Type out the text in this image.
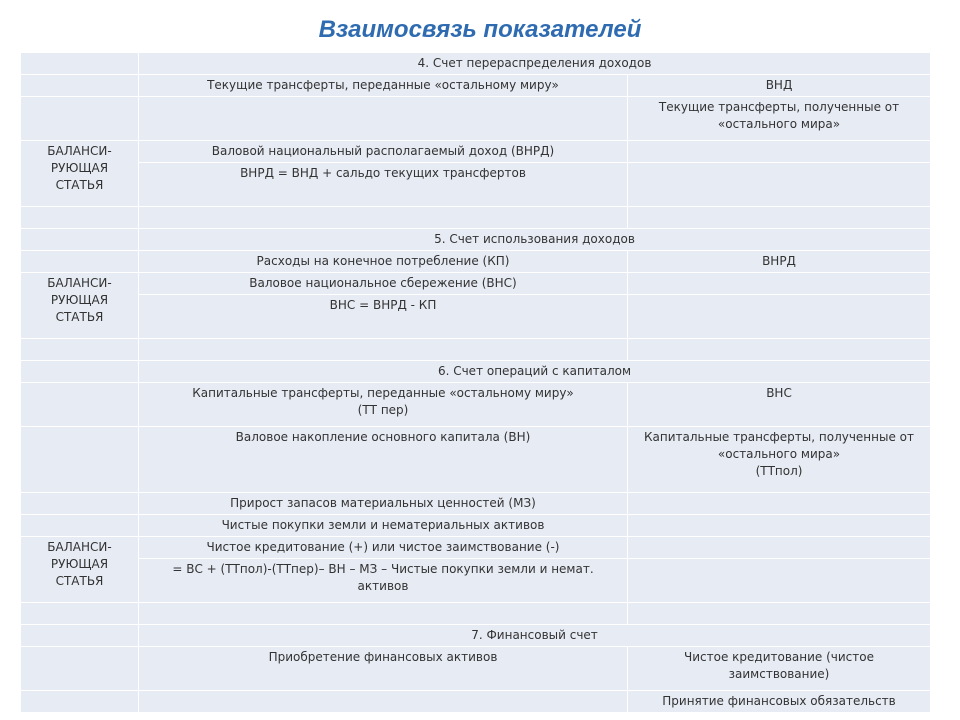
Взаимосвязь показателей

	4. Счет перераспределения доходов	

	Текущие трансферты, переданные «остальному миру»	ВНД

		Текущие трансферты, полученные от
«остального мира»

БАЛАНСИ-
РУЮЩАЯ
СТАТЬЯ	Валовой национальный располагаемый доход (ВНРД)	

	ВНРД = ВНД + сальдо текущих трансфертов	

	5. Счет использования доходов	

	Расходы на конечное потребление (КП)	ВНРД

БАЛАНСИ-
РУЮЩАЯ
СТАТЬЯ	Валовое национальное сбережение (ВНС)	

	ВНС = ВНРД - КП	

	6. Счет операций с капиталом	

	Капитальные трансферты, переданные «остальному миру»
(ТТ пер)	ВНС

	Валовое накопление основного капитала (ВН)	Капитальные трансферты, полученные от
«остального мира»
(ТТпол)

	Прирост запасов материальных ценностей (МЗ)	

	Чистые покупки земли и нематериальных активов	

БАЛАНСИ-
РУЮЩАЯ
СТАТЬЯ	Чистое кредитование (+) или чистое заимствование (-)	

	= ВС + (ТТпол)-(ТТпер)– ВН – МЗ – Чистые покупки земли и немат.
активов	

	7. Финансовый счет	

	Приобретение финансовых активов	Чистое кредитование (чистое
заимствование)

		Принятие финансовых обязательств
